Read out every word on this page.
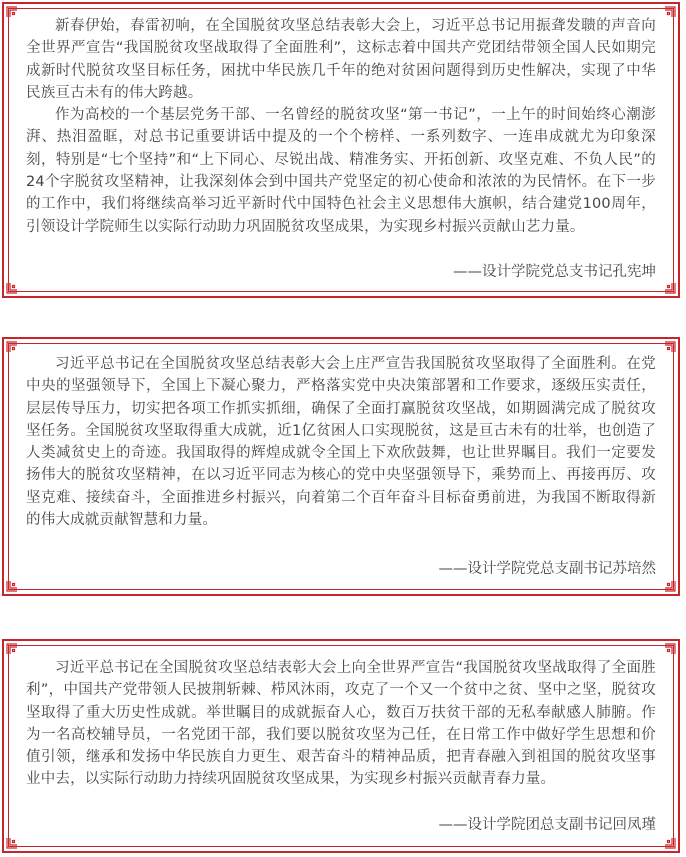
新春伊始，春雷初响，在全国脱贫攻坚总结表彰大会上，习近平总书记用振聋发聩的声音向全世界严宣告“我国脱贫攻坚战取得了全面胜利”，这标志着中国共产党团结带领全国人民如期完成新时代脱贫攻坚目标任务，困扰中华民族几千年的绝对贫困问题得到历史性解决，实现了中华民族亘古未有的伟大跨越。

作为高校的一个基层党务干部、一名曾经的脱贫攻坚“第一书记”，一上午的时间始终心潮澎湃、热泪盈眶，对总书记重要讲话中提及的一个个榜样、一系列数字、一连串成就尤为印象深刻，特别是“七个坚持”和“上下同心、尽锐出战、精准务实、开拓创新、攻坚克难、不负人民”的24个字脱贫攻坚精神，让我深刻体会到中国共产党坚定的初心使命和浓浓的为民情怀。在下一步的工作中，我们将继续高举习近平新时代中国特色社会主义思想伟大旗帜，结合建党100周年，引领设计学院师生以实际行动助力巩固脱贫攻坚成果，为实现乡村振兴贡献山艺力量。

——设计学院党总支书记孔宪坤

习近平总书记在全国脱贫攻坚总结表彰大会上庄严宣告我国脱贫攻坚取得了全面胜利。在党中央的坚强领导下，全国上下凝心聚力，严格落实党中央决策部署和工作要求，逐级压实责任，层层传导压力，切实把各项工作抓实抓细，确保了全面打赢脱贫攻坚战，如期圆满完成了脱贫攻坚任务。全国脱贫攻坚取得重大成就，近1亿贫困人口实现脱贫，这是亘古未有的壮举，也创造了人类减贫史上的奇迹。我国取得的辉煌成就令全国上下欢欣鼓舞，也让世界瞩目。我们一定要发扬伟大的脱贫攻坚精神，在以习近平同志为核心的党中央坚强领导下，乘势而上、再接再厉、攻坚克难、接续奋斗，全面推进乡村振兴，向着第二个百年奋斗目标奋勇前进，为我国不断取得新的伟大成就贡献智慧和力量。

——设计学院党总支副书记苏培然

习近平总书记在全国脱贫攻坚总结表彰大会上向全世界严宣告“我国脱贫攻坚战取得了全面胜利”，中国共产党带领人民披荆斩棘、栉风沐雨，攻克了一个又一个贫中之贫、坚中之坚，脱贫攻坚取得了重大历史性成就。举世瞩目的成就振奋人心，数百万扶贫干部的无私奉献感人肺腑。作为一名高校辅导员，一名党团干部，我们要以脱贫攻坚为己任，在日常工作中做好学生思想和价值引领，继承和发扬中华民族自力更生、艰苦奋斗的精神品质，把青春融入到祖国的脱贫攻坚事业中去，以实际行动助力持续巩固脱贫攻坚成果，为实现乡村振兴贡献青春力量。

——设计学院团总支副书记回凤瑾
